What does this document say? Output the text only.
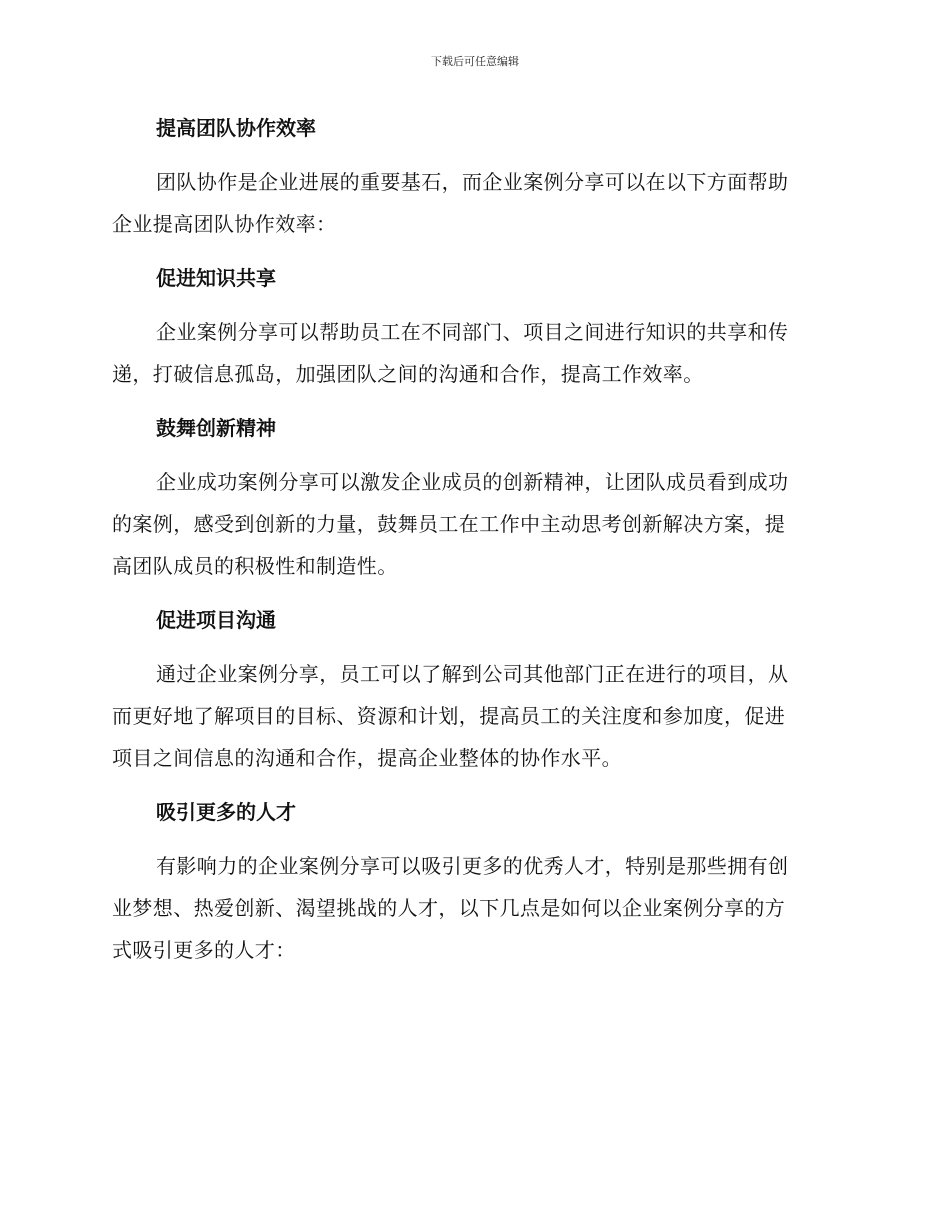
下载后可任意编辑
提高团队协作效率

团队协作是企业进展的重要基石，而企业案例分享可以在以下方面帮助
企业提高团队协作效率：

促进知识共享

企业案例分享可以帮助员工在不同部门、项目之间进行知识的共享和传
递，打破信息孤岛，加强团队之间的沟通和合作，提高工作效率。

鼓舞创新精神

企业成功案例分享可以激发企业成员的创新精神，让团队成员看到成功
的案例，感受到创新的力量，鼓舞员工在工作中主动思考创新解决方案，提
高团队成员的积极性和制造性。

促进项目沟通

通过企业案例分享，员工可以了解到公司其他部门正在进行的项目，从
而更好地了解项目的目标、资源和计划，提高员工的关注度和参加度，促进
项目之间信息的沟通和合作，提高企业整体的协作水平。

吸引更多的人才

有影响力的企业案例分享可以吸引更多的优秀人才，特别是那些拥有创
业梦想、热爱创新、渴望挑战的人才，以下几点是如何以企业案例分享的方
式吸引更多的人才：
